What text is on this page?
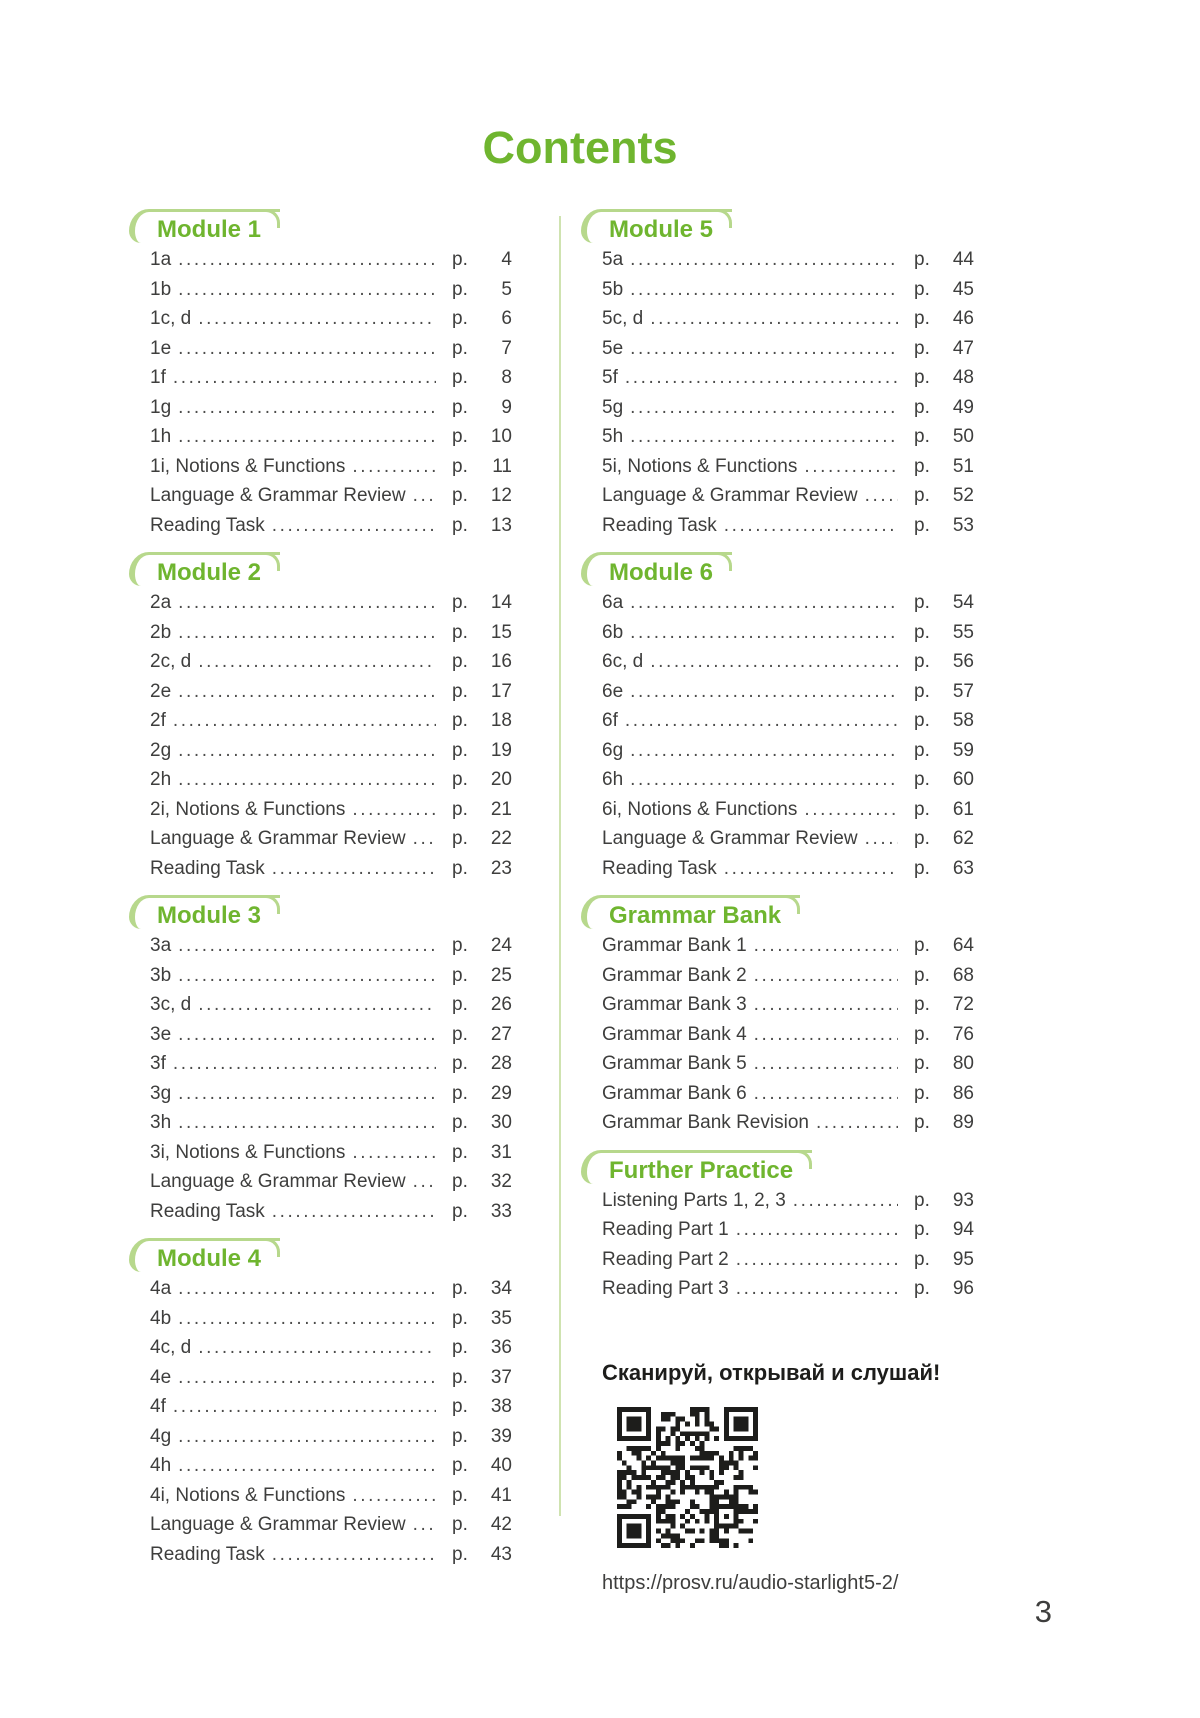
Contents
Module 1
1a .....	p.	4
1b .....	p.	5
1c, d .....	p.	6
1e .....	p.	7
1f .....	p.	8
1g .....	p.	9
1h .....	p.	10
1i, Notions & Functions .....	p.	11
Language & Grammar Review .....	p.	12
Reading Task .....	p.	13
Module 2
2a .....	p.	14
2b .....	p.	15
2c, d .....	p.	16
2e .....	p.	17
2f .....	p.	18
2g .....	p.	19
2h .....	p.	20
2i, Notions & Functions .....	p.	21
Language & Grammar Review .....	p.	22
Reading Task .....	p.	23
Module 3
3a .....	p.	24
3b .....	p.	25
3c, d .....	p.	26
3e .....	p.	27
3f .....	p.	28
3g .....	p.	29
3h .....	p.	30
3i, Notions & Functions .....	p.	31
Language & Grammar Review .....	p.	32
Reading Task .....	p.	33
Module 4
4a .....	p.	34
4b .....	p.	35
4c, d .....	p.	36
4e .....	p.	37
4f .....	p.	38
4g .....	p.	39
4h .....	p.	40
4i, Notions & Functions .....	p.	41
Language & Grammar Review .....	p.	42
Reading Task .....	p.	43
Module 5
5a .....	p.	44
5b .....	p.	45
5c, d .....	p.	46
5e .....	p.	47
5f .....	p.	48
5g .....	p.	49
5h .....	p.	50
5i, Notions & Functions .....	p.	51
Language & Grammar Review .....	p.	52
Reading Task .....	p.	53
Module 6
6a .....	p.	54
6b .....	p.	55
6c, d .....	p.	56
6e .....	p.	57
6f .....	p.	58
6g .....	p.	59
6h .....	p.	60
6i, Notions & Functions .....	p.	61
Language & Grammar Review .....	p.	62
Reading Task .....	p.	63
Grammar Bank
Grammar Bank 1 .....	p.	64
Grammar Bank 2 .....	p.	68
Grammar Bank 3 .....	p.	72
Grammar Bank 4 .....	p.	76
Grammar Bank 5 .....	p.	80
Grammar Bank 6 .....	p.	86
Grammar Bank Revision .....	p.	89
Further Practice
Listening Parts 1, 2, 3 .....	p.	93
Reading Part 1 .....	p.	94
Reading Part 2 .....	p.	95
Reading Part 3 .....	p.	96
Сканируй, открывай и слушай!
https://prosv.ru/audio-starlight5-2/
3
